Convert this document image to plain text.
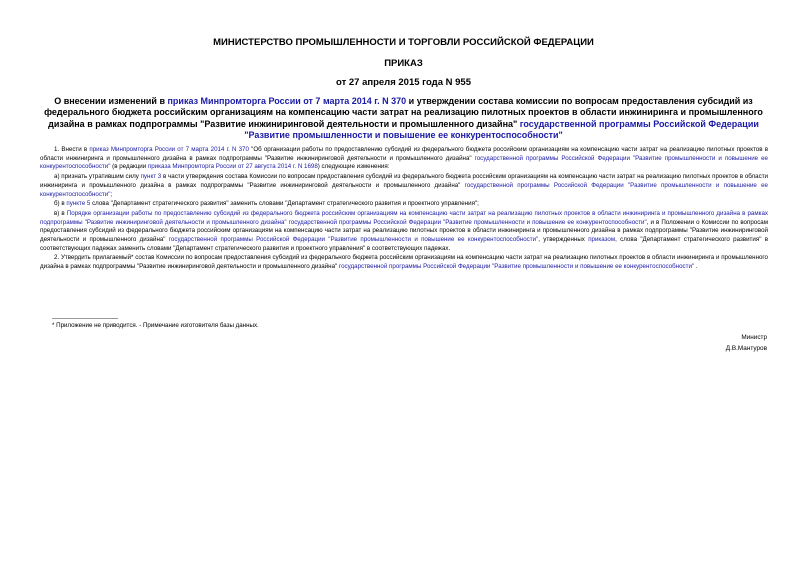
МИНИСТЕРСТВО ПРОМЫШЛЕННОСТИ И ТОРГОВЛИ РОССИЙСКОЙ ФЕДЕРАЦИИ
ПРИКАЗ
от 27 апреля 2015 года N 955
О внесении изменений в приказ Минпромторга России от 7 марта 2014 г. N 370 и утверждении состава комиссии по вопросам предоставления субсидий из федерального бюджета российским организациям на компенсацию части затрат на реализацию пилотных проектов в области инжиниринга и промышленного дизайна в рамках подпрограммы "Развитие инжиниринговой деятельности и промышленного дизайна" государственной программы Российской Федерации "Развитие промышленности и повышение ее конкурентоспособности"

1. Внести в приказ Минпромторга России от 7 марта 2014 г. N 370 "Об организации работы по предоставлению субсидий из федерального бюджета российским организациям на компенсацию части затрат на реализацию пилотных проектов в области инжиниринга и промышленного дизайна в рамках подпрограммы "Развитие инжиниринговой деятельности и промышленного дизайна" государственной программы Российской Федерации "Развитие промышленности и повышение ее конкурентоспособности" (в редакции приказа Минпромторга России от 27 августа 2014 г. N 1698) следующие изменения:

а) признать утратившим силу пункт 3 в части утверждения состава Комиссии по вопросам предоставления субсидий из федерального бюджета российским организациям на компенсацию части затрат на реализацию пилотных проектов в области инжиниринга и промышленного дизайна в рамках подпрограммы "Развитие инжиниринговой деятельности и промышленного дизайна" государственной программы Российской Федерации "Развитие промышленности и повышение ее конкурентоспособности";

б) в пункте 5 слова "Департамент стратегического развития" заменить словами "Департамент стратегического развития и проектного управления";

в) в Порядке организации работы по предоставлению субсидий из федерального бюджета российским организациям на компенсацию части затрат на реализацию пилотных проектов в области инжиниринга и промышленного дизайна в рамках подпрограммы "Развитие инжиниринговой деятельности и промышленного дизайна" государственной программы Российской Федерации "Развитие промышленности и повышение ее конкурентоспособности", и в Положении о Комиссии по вопросам предоставления субсидий из федерального бюджета российским организациям на компенсацию части затрат на реализацию пилотных проектов в области инжиниринга и промышленного дизайна в рамках подпрограммы "Развитие инжиниринговой деятельности и промышленного дизайна" государственной программы Российской Федерации "Развитие промышленности и повышение ее конкурентоспособности", утвержденных приказом, слова "Департамент стратегического развития" в соответствующих падежах заменить словами "Департамент стратегического развития и проектного управления" в соответствующих падежах.

2. Утвердить прилагаемый* состав Комиссии по вопросам предоставления субсидий из федерального бюджета российским организациям на компенсацию части затрат на реализацию пилотных проектов в области инжиниринга и промышленного дизайна в рамках подпрограммы "Развитие инжиниринговой деятельности и промышленного дизайна" государственной программы Российской Федерации "Развитие промышленности и повышение ее конкурентоспособности" .

* Приложение не приводится. - Примечание изготовителя базы данных.
Министр
Д.В.Мантуров
